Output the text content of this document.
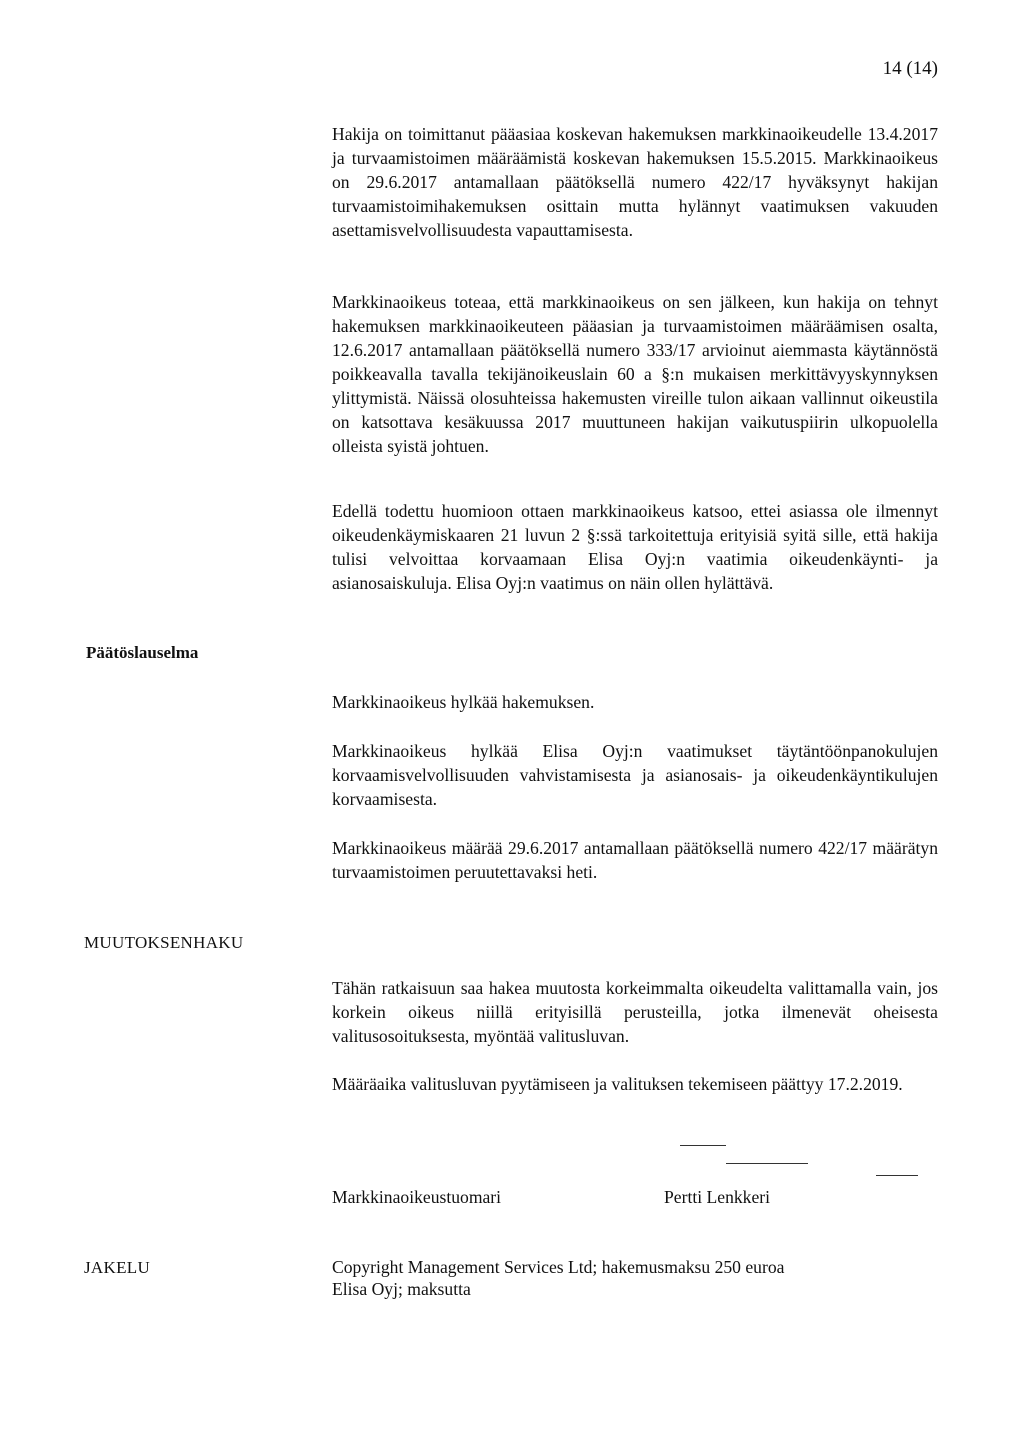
14 (14)

Hakija on toimittanut pääasiaa koskevan hakemuksen markkinaoikeudelle 13.4.2017 ja turvaamistoimen määräämistä koskevan hakemuksen 15.5.2015. Markkinaoikeus on 29.6.2017 antamallaan päätöksellä numero 422/17 hyväksynyt hakijan turvaamistoimihakemuksen osittain mutta hylännyt vaatimuksen vakuuden asettamisvelvollisuudesta vapauttamisesta.

Markkinaoikeus toteaa, että markkinaoikeus on sen jälkeen, kun hakija on tehnyt hakemuksen markkinaoikeuteen pääasian ja turvaamistoimen määräämisen osalta, 12.6.2017 antamallaan päätöksellä numero 333/17 arvioinut aiemmasta käytännöstä poikkeavalla tavalla tekijänoikeuslain 60 a §:n mukaisen merkittävyyskynnyksen ylittymistä. Näissä olosuhteissa hakemusten vireille tulon aikaan vallinnut oikeustila on katsottava kesäkuussa 2017 muuttuneen hakijan vaikutuspiirin ulkopuolella olleista syistä johtuen.

Edellä todettu huomioon ottaen markkinaoikeus katsoo, ettei asiassa ole ilmennyt oikeudenkäymiskaaren 21 luvun 2 §:ssä tarkoitettuja erityisiä syitä sille, että hakija tulisi velvoittaa korvaamaan Elisa Oyj:n vaatimia oikeudenkäynti- ja asianosaiskuluja. Elisa Oyj:n vaatimus on näin ollen hylättävä.

Päätöslauselma

Markkinaoikeus hylkää hakemuksen.

Markkinaoikeus hylkää Elisa Oyj:n vaatimukset täytäntöönpanokulujen korvaamisvelvollisuuden vahvistamisesta ja asianosais- ja oikeudenkäyntikulujen korvaamisesta.

Markkinaoikeus määrää 29.6.2017 antamallaan päätöksellä numero 422/17 määrätyn turvaamistoimen peruutettavaksi heti.

MUUTOKSENHAKU

Tähän ratkaisuun saa hakea muutosta korkeimmalta oikeudelta valittamalla vain, jos korkein oikeus niillä erityisillä perusteilla, jotka ilmenevät oheisesta valitusosoituksesta, myöntää valitusluvan.

Määräaika valitusluvan pyytämiseen ja valituksen tekemiseen päättyy 17.2.2019.

Markkinaoikeustuomari	Pertti Lenkkeri
JAKELU	Copyright Management Services Ltd; hakemusmaksu 250 euroa
Elisa Oyj; maksutta
